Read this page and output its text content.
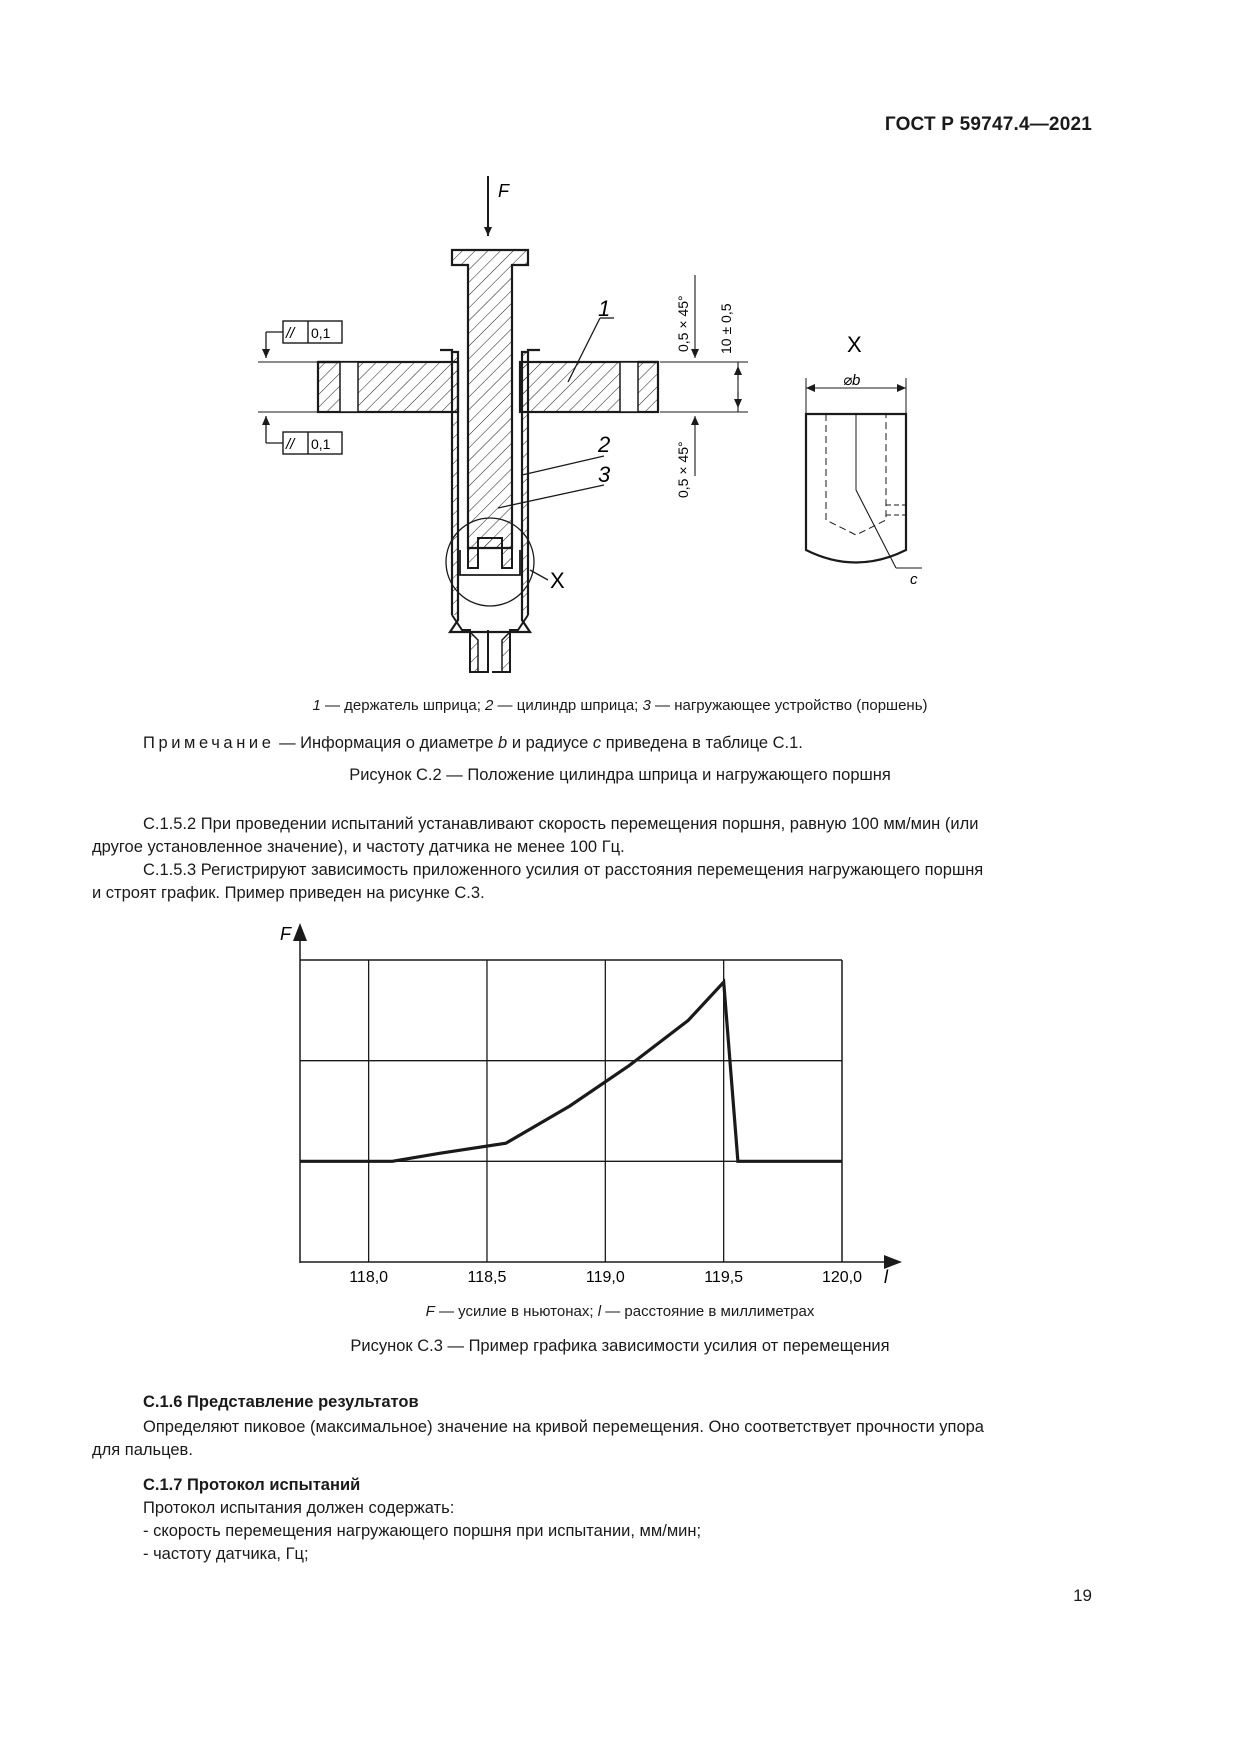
ГОСТ Р 59747.4—2021
F
X
1
2
3
// 0,1
// 0,1
0,5 × 45°
0,5 × 45°
10 ± 0,5	X
⌀b
c
1 — держатель шприца; 2 — цилиндр шприца; 3 — нагружающее устройство (поршень)
Примечание — Информация о диаметре b и радиусе c приведена в таблице С.1.
Рисунок С.2 — Положение цилиндра шприца и нагружающего поршня
С.1.5.2 При проведении испытаний устанавливают скорость перемещения поршня, равную 100 мм/мин (или
другое установленное значение), и частоту датчика не менее 100 Гц.
С.1.5.3 Регистрируют зависимость приложенного усилия от расстояния перемещения нагружающего поршня
и строят график. Пример приведен на рисунке С.3.
F
l
118,0	118,5	119,0	119,5	120,0
F — усилие в ньютонах; l — расстояние в миллиметрах
Рисунок С.3 — Пример графика зависимости усилия от перемещения
С.1.6 Представление результатов
Определяют пиковое (максимальное) значение на кривой перемещения. Оно соответствует прочности упора
для пальцев.
С.1.7 Протокол испытаний
Протокол испытания должен содержать:
- скорость перемещения нагружающего поршня при испытании, мм/мин;
- частоту датчика, Гц;
19
